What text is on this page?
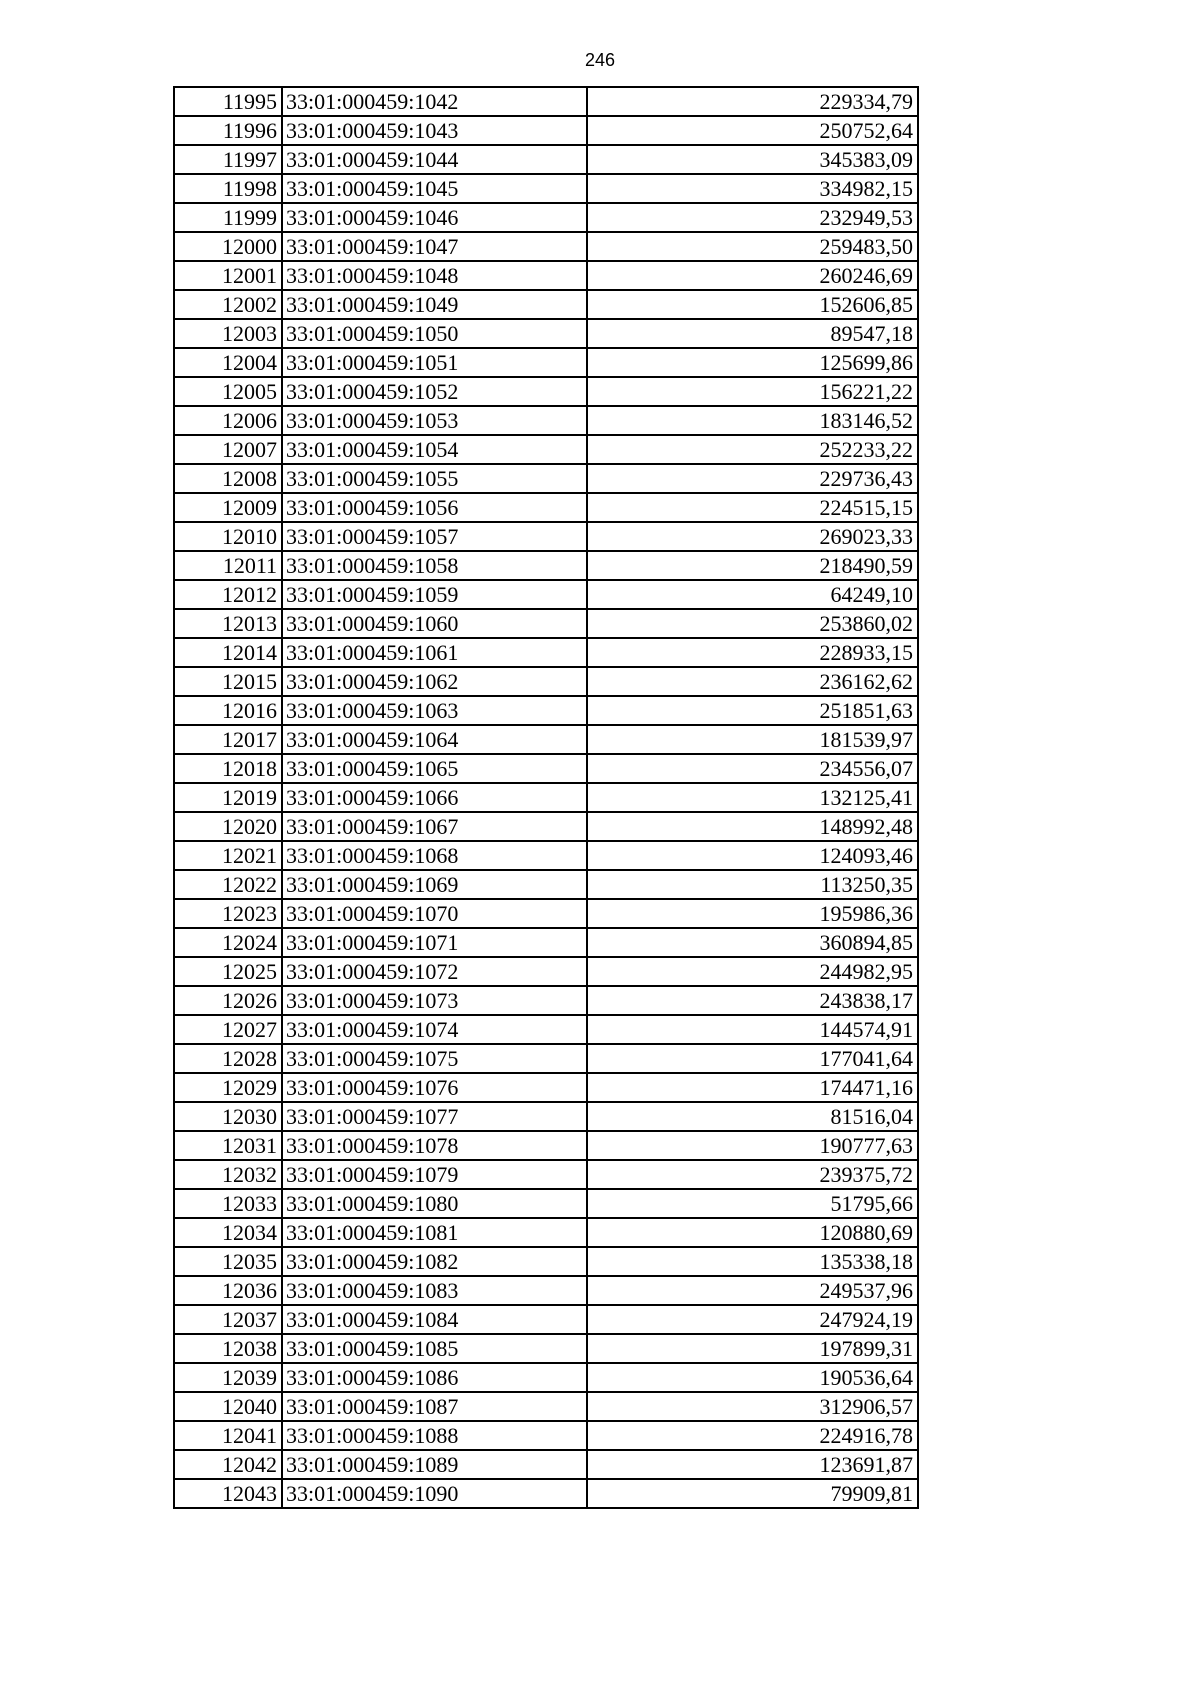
246
11995	33:01:000459:1042	229334,79
11996	33:01:000459:1043	250752,64
11997	33:01:000459:1044	345383,09
11998	33:01:000459:1045	334982,15
11999	33:01:000459:1046	232949,53
12000	33:01:000459:1047	259483,50
12001	33:01:000459:1048	260246,69
12002	33:01:000459:1049	152606,85
12003	33:01:000459:1050	89547,18
12004	33:01:000459:1051	125699,86
12005	33:01:000459:1052	156221,22
12006	33:01:000459:1053	183146,52
12007	33:01:000459:1054	252233,22
12008	33:01:000459:1055	229736,43
12009	33:01:000459:1056	224515,15
12010	33:01:000459:1057	269023,33
12011	33:01:000459:1058	218490,59
12012	33:01:000459:1059	64249,10
12013	33:01:000459:1060	253860,02
12014	33:01:000459:1061	228933,15
12015	33:01:000459:1062	236162,62
12016	33:01:000459:1063	251851,63
12017	33:01:000459:1064	181539,97
12018	33:01:000459:1065	234556,07
12019	33:01:000459:1066	132125,41
12020	33:01:000459:1067	148992,48
12021	33:01:000459:1068	124093,46
12022	33:01:000459:1069	113250,35
12023	33:01:000459:1070	195986,36
12024	33:01:000459:1071	360894,85
12025	33:01:000459:1072	244982,95
12026	33:01:000459:1073	243838,17
12027	33:01:000459:1074	144574,91
12028	33:01:000459:1075	177041,64
12029	33:01:000459:1076	174471,16
12030	33:01:000459:1077	81516,04
12031	33:01:000459:1078	190777,63
12032	33:01:000459:1079	239375,72
12033	33:01:000459:1080	51795,66
12034	33:01:000459:1081	120880,69
12035	33:01:000459:1082	135338,18
12036	33:01:000459:1083	249537,96
12037	33:01:000459:1084	247924,19
12038	33:01:000459:1085	197899,31
12039	33:01:000459:1086	190536,64
12040	33:01:000459:1087	312906,57
12041	33:01:000459:1088	224916,78
12042	33:01:000459:1089	123691,87
12043	33:01:000459:1090	79909,81
